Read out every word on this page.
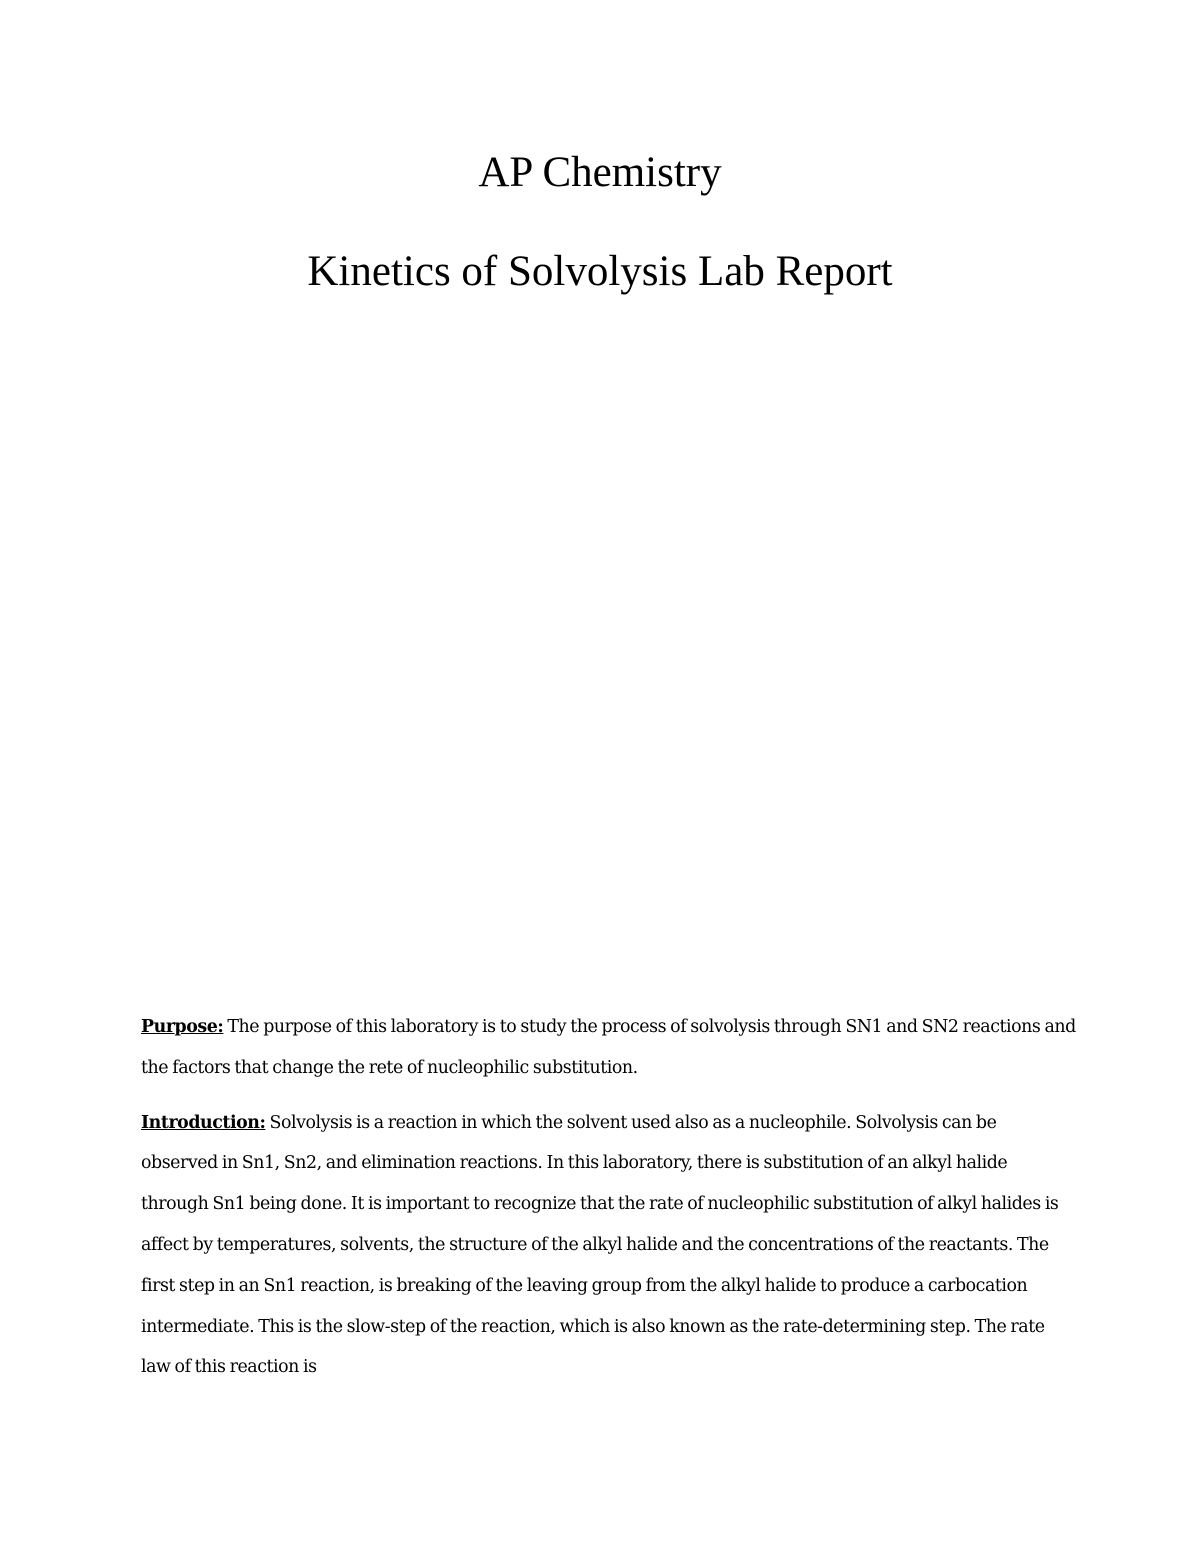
AP Chemistry
Kinetics of Solvolysis Lab Report

Purpose: The purpose of this laboratory is to study the process of solvolysis through SN1 and SN2 reactions and the factors that change the rete of nucleophilic substitution.

Introduction: Solvolysis is a reaction in which the solvent used also as a nucleophile. Solvolysis can be observed in Sn1, Sn2, and elimination reactions. In this laboratory, there is substitution of an alkyl halide through Sn1 being done. It is important to recognize that the rate of nucleophilic substitution of alkyl halides is affect by temperatures, solvents, the structure of the alkyl halide and the concentrations of the reactants. The first step in an Sn1 reaction, is breaking of the leaving group from the alkyl halide to produce a carbocation intermediate. This is the slow-step of the reaction, which is also known as the rate-determining step. The rate law of this reaction is
